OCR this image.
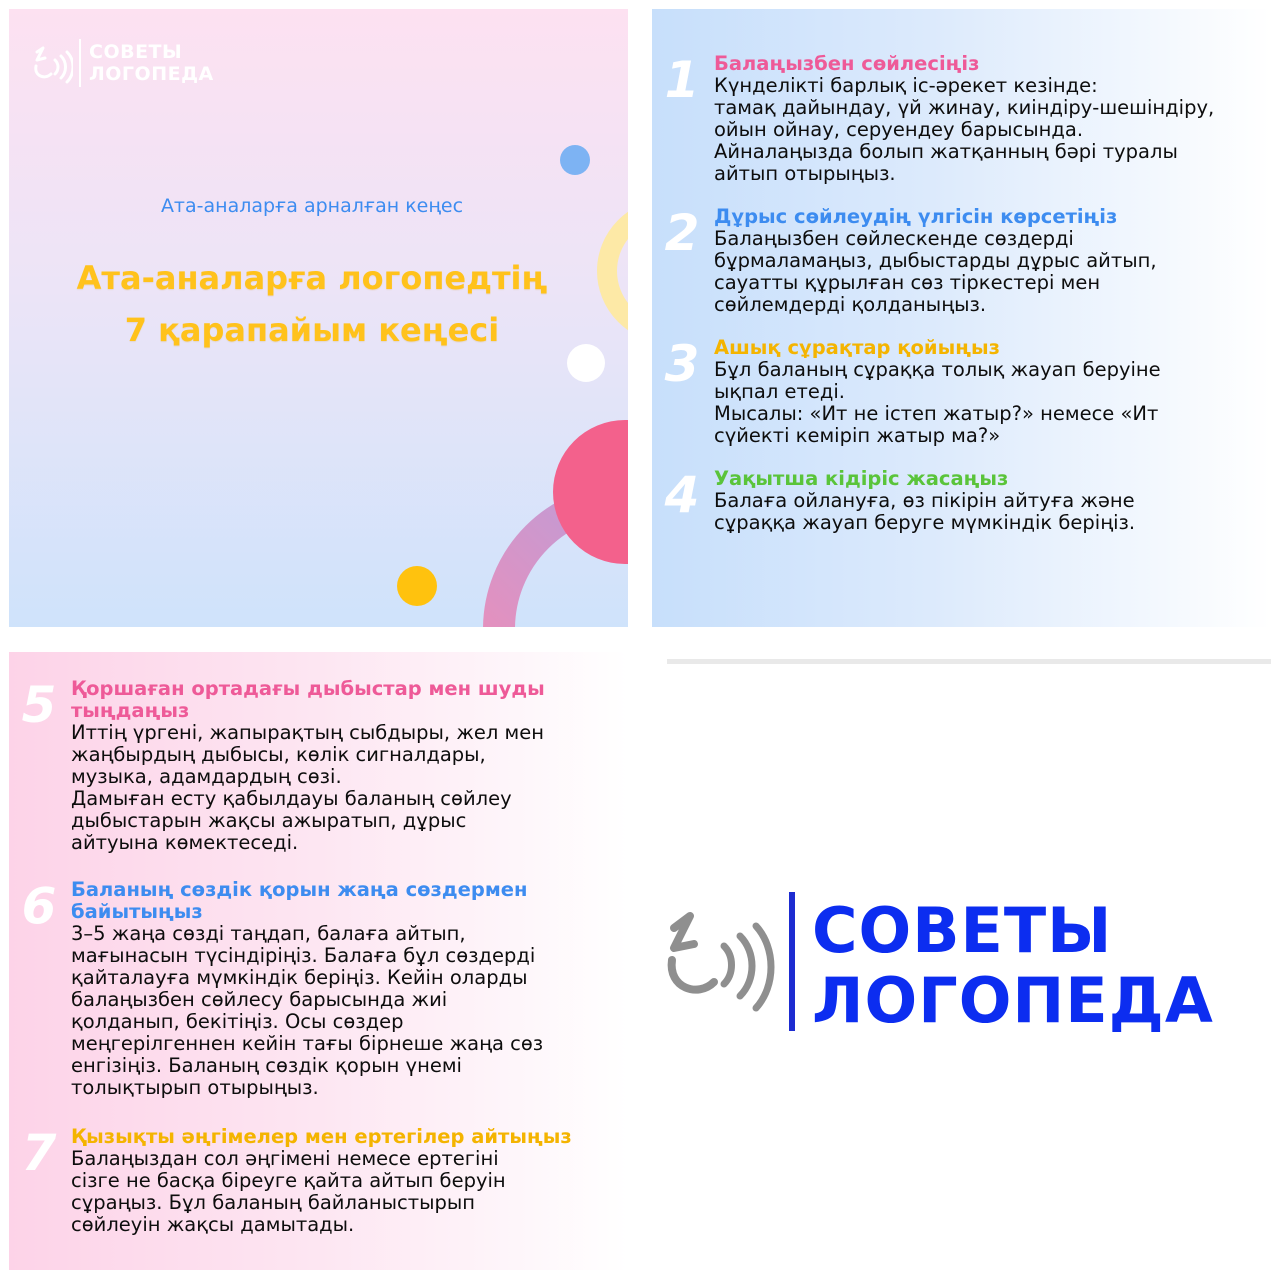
СОВЕТЫ
ЛОГОПЕДА
Ата-аналарға арналған кеңес
Ата-аналарға логопедтің
7 қарапайым кеңесі
1 Балаңызбен сөйлесіңіз

Күнделікті барлық іс-әрекет кезінде:

тамақ дайындау, үй жинау, киіндіру-шешіндіру,

ойын ойнау, серуендеу барысында.

Айналаңызда болып жатқанның бәрі туралы

айтып отырыңыз.

2 Дұрыс сөйлеудің үлгісін көрсетіңіз

Балаңызбен сөйлескенде сөздерді

бұрмаламаңыз, дыбыстарды дұрыс айтып,

сауатты құрылған сөз тіркестері мен

сөйлемдерді қолданыңыз.

3 Ашық сұрақтар қойыңыз

Бұл баланың сұраққа толық жауап беруіне

ықпал етеді.

Мысалы: «Ит не істеп жатыр?» немесе «Ит

сүйекті кеміріп жатыр ма?»

4 Уақытша кідіріс жасаңыз

Балаға ойлануға, өз пікірін айтуға және

сұраққа жауап беруге мүмкіндік беріңіз.

5 Қоршаған ортадағы дыбыстар мен шуды
тыңдаңыз

Иттің үргені, жапырақтың сыбдыры, жел мен

жаңбырдың дыбысы, көлік сигналдары,

музыка, адамдардың сөзі.

Дамыған есту қабылдауы баланың сөйлеу

дыбыстарын жақсы ажыратып, дұрыс

айтуына көмектеседі.

6 Баланың сөздік қорын жаңа сөздермен
байытыңыз

3–5 жаңа сөзді таңдап, балаға айтып,

мағынасын түсіндіріңіз. Балаға бұл сөздерді

қайталауға мүмкіндік беріңіз. Кейін оларды

балаңызбен сөйлесу барысында жиі

қолданып, бекітіңіз. Осы сөздер

меңгерілгеннен кейін тағы бірнеше жаңа сөз

енгізіңіз. Баланың сөздік қорын үнемі

толықтырып отырыңыз.

7 Қызықты әңгімелер мен ертегілер айтыңыз

Балаңыздан сол әңгімені немесе ертегіні

сізге не басқа біреуге қайта айтып беруін

сұраңыз. Бұл баланың байланыстырып

сөйлеуін жақсы дамытады.

СОВЕТЫ
ЛОГОПЕДА
